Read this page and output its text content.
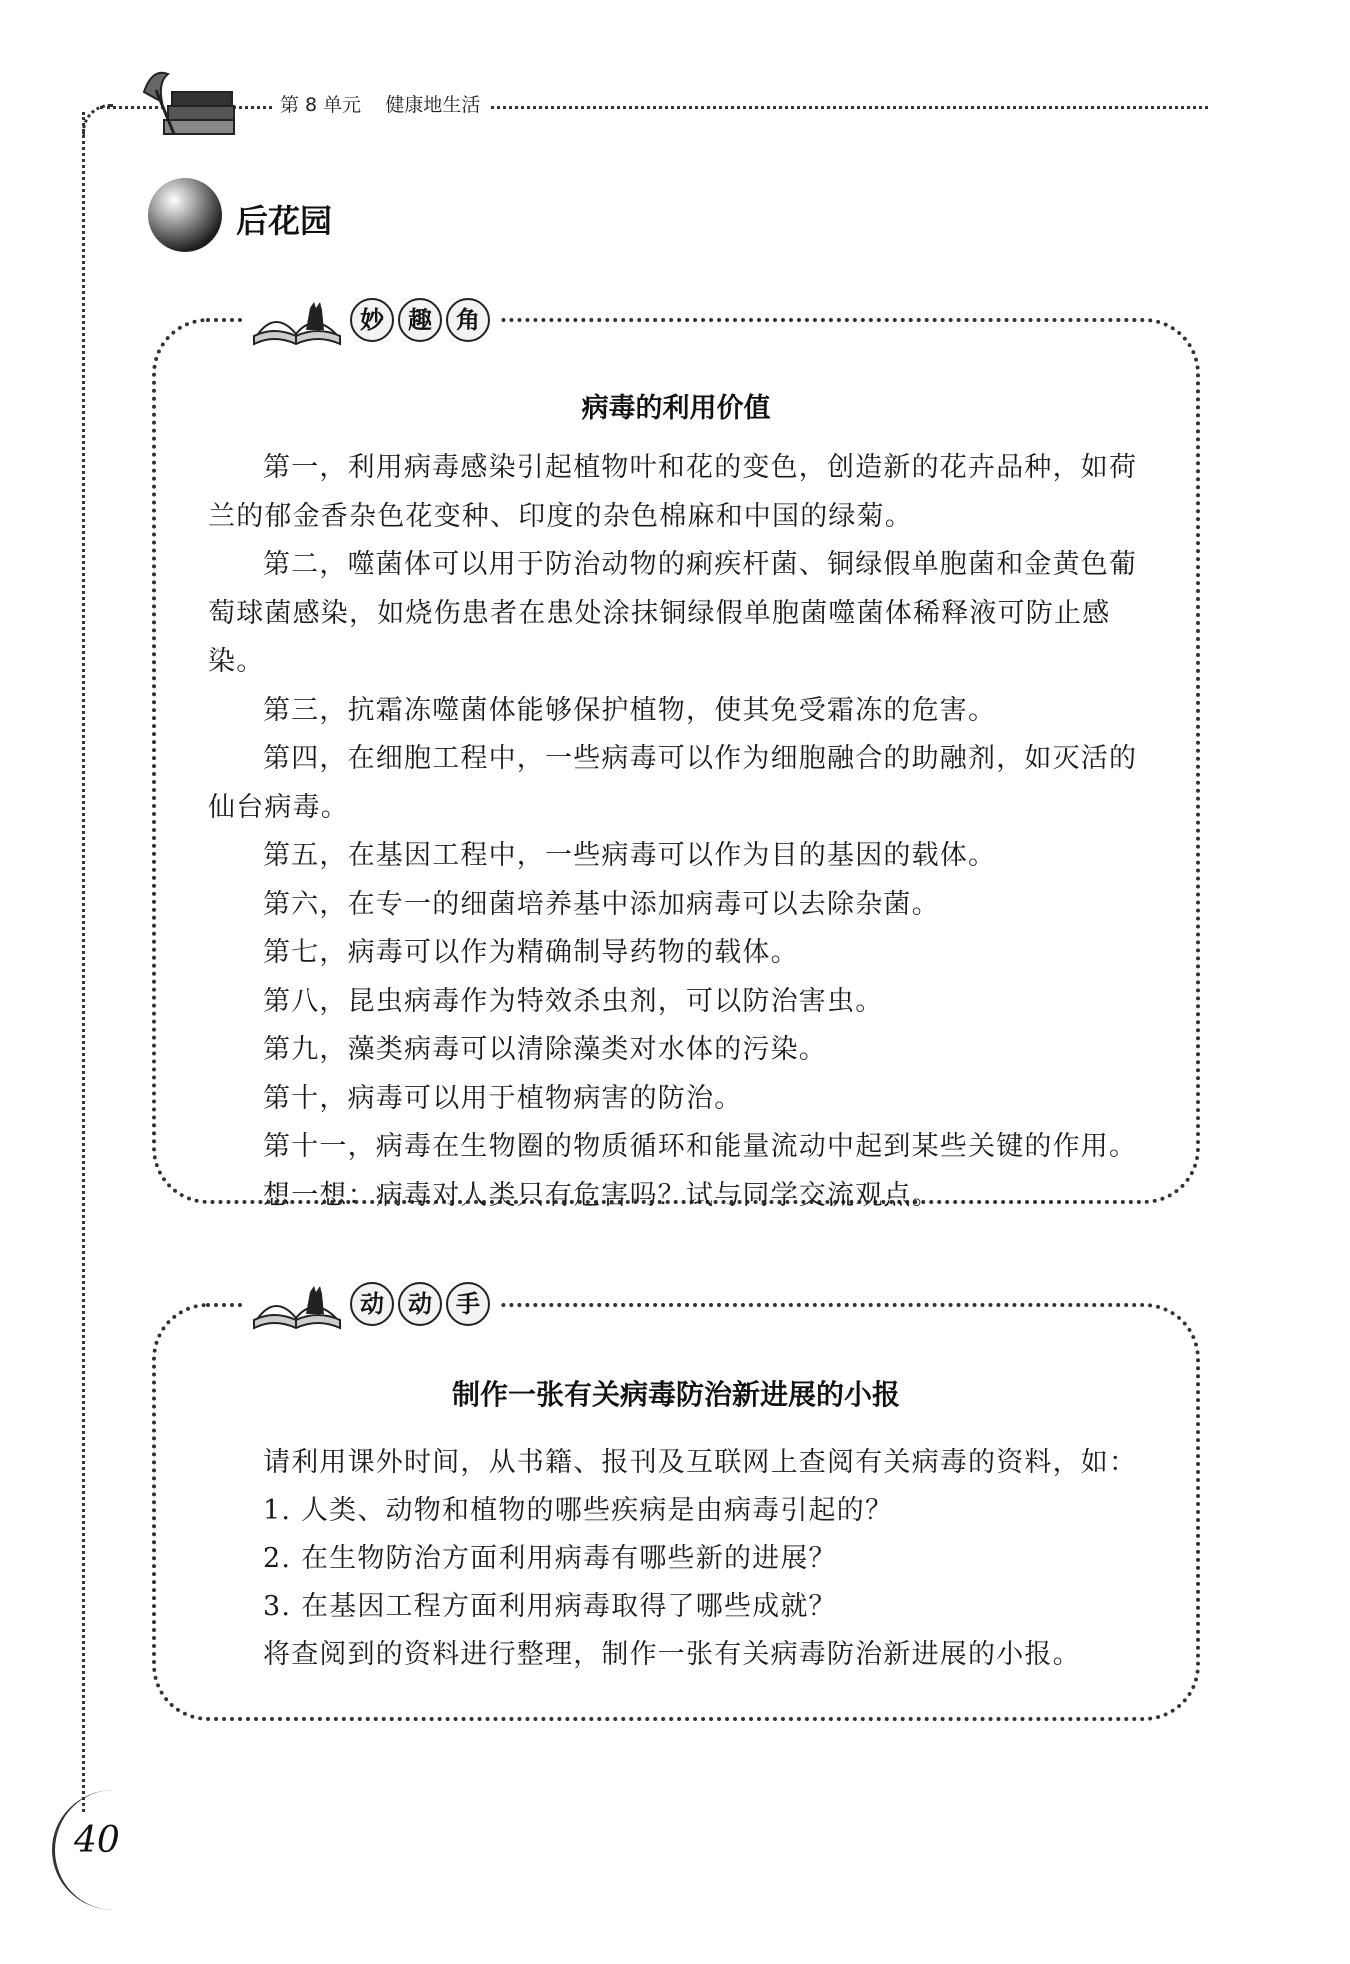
第 8 单元    健康地生活
后花园
病毒的利用价值

第一，利用病毒感染引起植物叶和花的变色，创造新的花卉品种，如荷兰的郁金香杂色花变种、印度的杂色棉麻和中国的绿菊。

第二，噬菌体可以用于防治动物的痢疾杆菌、铜绿假单胞菌和金黄色葡萄球菌感染，如烧伤患者在患处涂抹铜绿假单胞菌噬菌体稀释液可防止感染。

第三，抗霜冻噬菌体能够保护植物，使其免受霜冻的危害。

第四，在细胞工程中，一些病毒可以作为细胞融合的助融剂，如灭活的仙台病毒。

第五，在基因工程中，一些病毒可以作为目的基因的载体。

第六，在专一的细菌培养基中添加病毒可以去除杂菌。

第七，病毒可以作为精确制导药物的载体。

第八，昆虫病毒作为特效杀虫剂，可以防治害虫。

第九，藻类病毒可以清除藻类对水体的污染。

第十，病毒可以用于植物病害的防治。

第十一，病毒在生物圈的物质循环和能量流动中起到某些关键的作用。

想一想：病毒对人类只有危害吗？试与同学交流观点。

妙	趣	角
制作一张有关病毒防治新进展的小报

请利用课外时间，从书籍、报刊及互联网上查阅有关病毒的资料，如：

1. 人类、动物和植物的哪些疾病是由病毒引起的？

2. 在生物防治方面利用病毒有哪些新的进展？

3. 在基因工程方面利用病毒取得了哪些成就？

将查阅到的资料进行整理，制作一张有关病毒防治新进展的小报。

动	动	手
40
